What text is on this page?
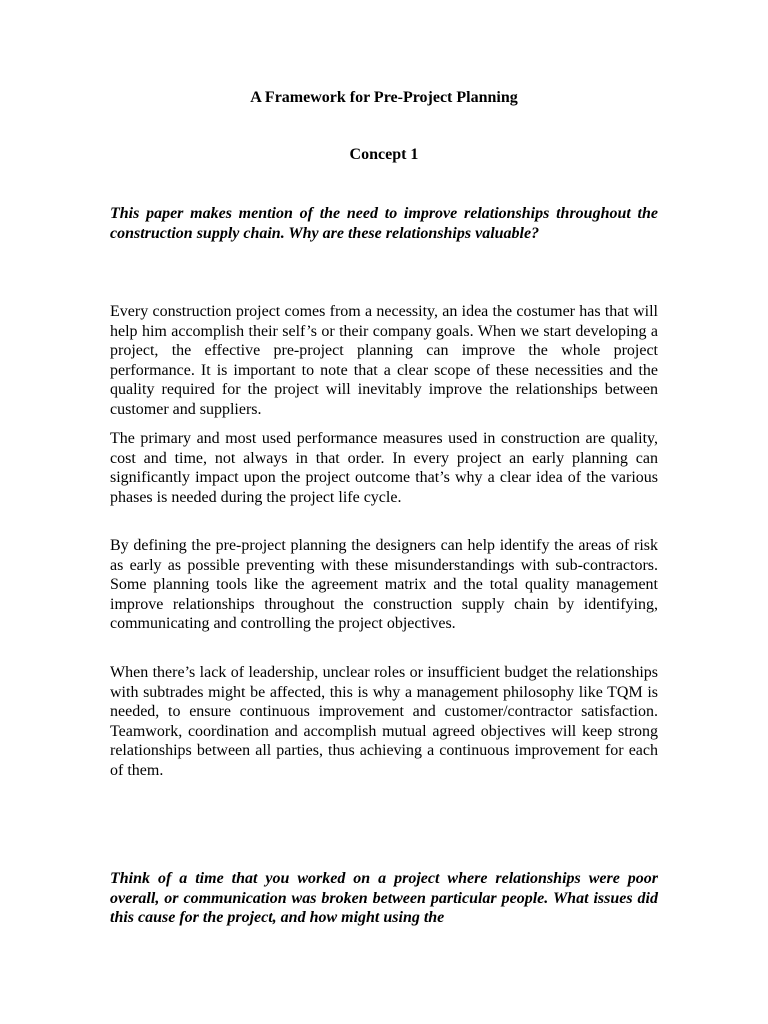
A Framework for Pre-Project Planning
Concept 1

This paper makes mention of the need to improve relationships throughout the construction supply chain. Why are these relationships valuable?

Every construction project comes from a necessity, an idea the costumer has that will help him accomplish their self’s or their company goals. When we start developing a project, the effective pre-project planning can improve the whole project performance. It is important to note that a clear scope of these necessities and the quality required for the project will inevitably improve the relationships between customer and suppliers.

The primary and most used performance measures used in construction are quality, cost and time, not always in that order. In every project an early planning can significantly impact upon the project outcome that’s why a clear idea of the various phases is needed during the project life cycle.

By defining the pre-project planning the designers can help identify the areas of risk as early as possible preventing with these misunderstandings with sub-contractors. Some planning tools like the agreement matrix and the total quality management improve relationships throughout the construction supply chain by identifying, communicating and controlling the project objectives.

When there’s lack of leadership, unclear roles or insufficient budget the relationships with subtrades might be affected, this is why a management philosophy like TQM is needed, to ensure continuous improvement and customer/contractor satisfaction. Teamwork, coordination and accomplish mutual agreed objectives will keep strong relationships between all parties, thus achieving a continuous improvement for each of them.

Think of a time that you worked on a project where relationships were poor overall, or communication was broken between particular people. What issues did this cause for the project, and how might using the
